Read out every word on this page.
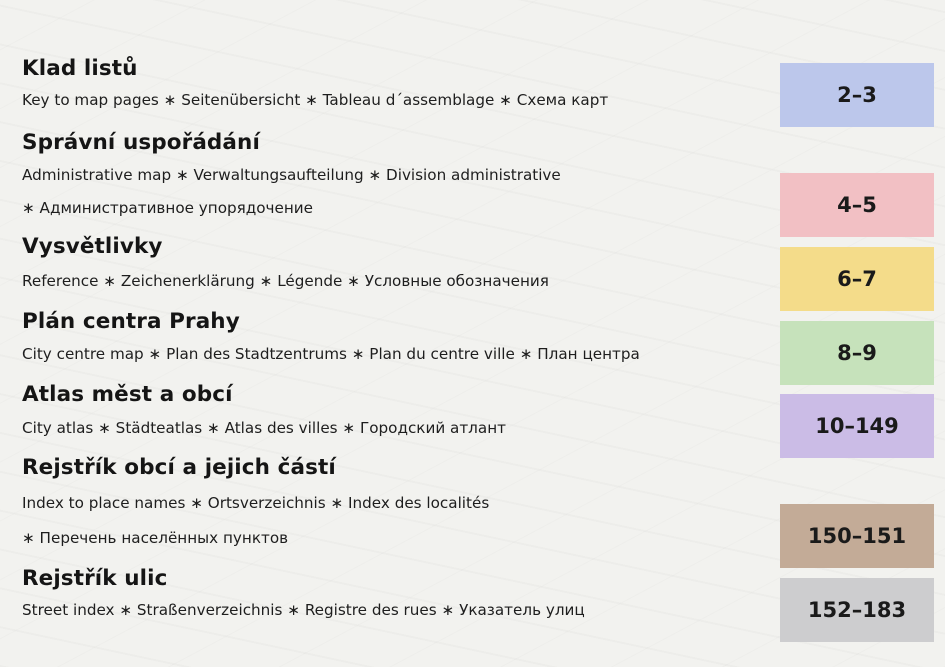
Klad listů
Key to map pages ∗ Seitenübersicht ∗ Tableau d´assemblage ∗ Схема карт	2–3
Správní uspořádání
Administrative map ∗ Verwaltungsaufteilung ∗ Division administrative
∗ Административное упорядочение	4–5
Vysvětlivky
Reference ∗ Zeichenerklärung ∗ Légende ∗ Условные обозначения	6–7
Plán centra Prahy
City centre map ∗ Plan des Stadtzentrums ∗ Plan du centre ville ∗ План центра	8–9
Atlas měst a obcí
City atlas ∗ Städteatlas ∗ Atlas des villes ∗ Городский атлант	10–149
Rejstřík obcí a jejich částí
Index to place names ∗ Ortsverzeichnis ∗ Index des localités
∗ Перечень населённых пунктов	150–151
Rejstřík ulic
Street index ∗ Straßenverzeichnis ∗ Registre des rues ∗ Указатель улиц	152–183
